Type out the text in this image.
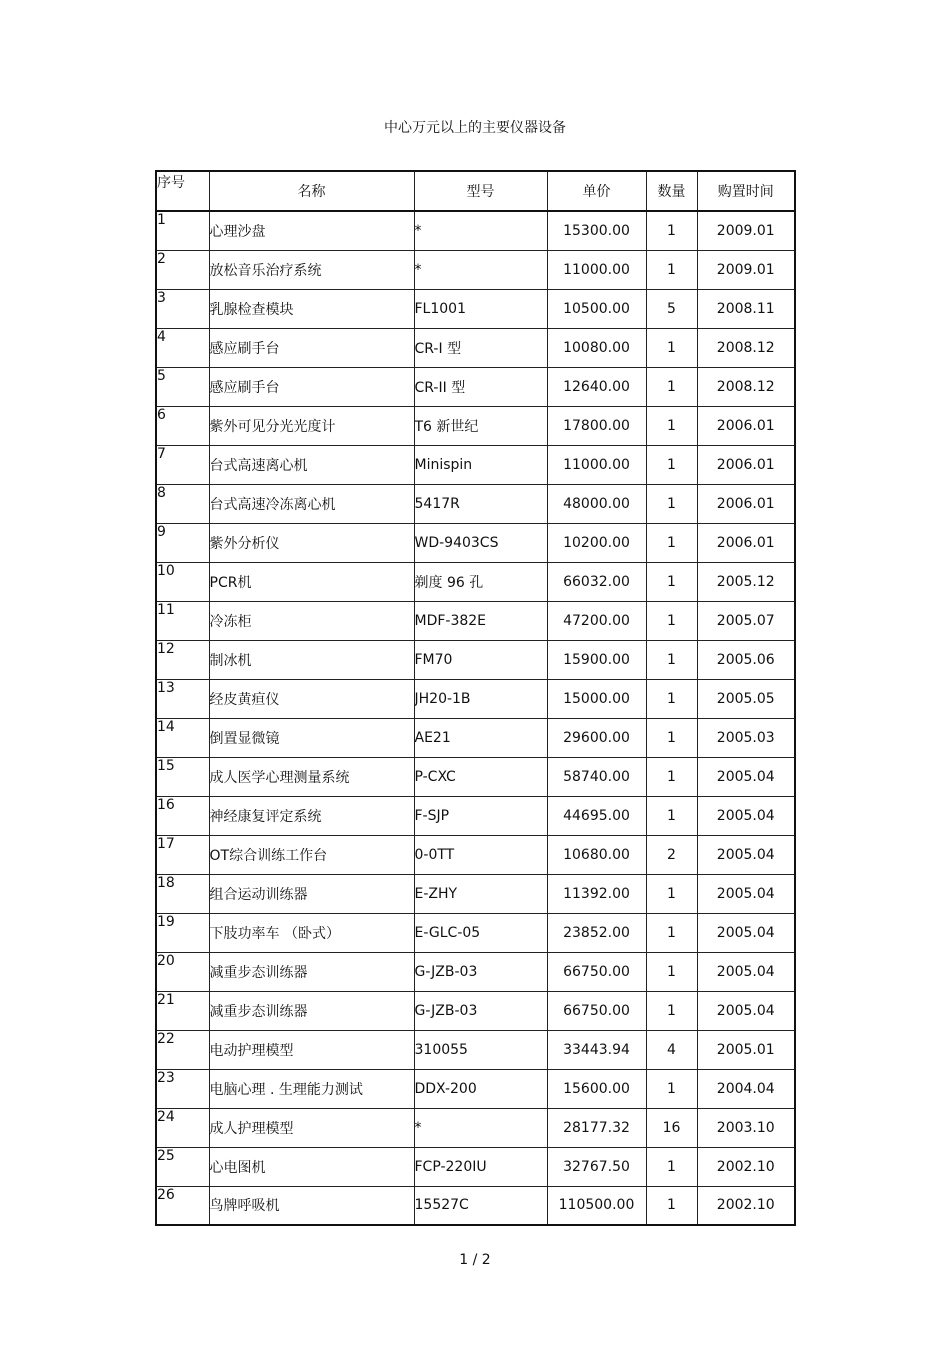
中心万元以上的主要仪器设备
序号	名称	型号	单价	数量	购置时间
1	心理沙盘	*	15300.00	1	2009.01
2	放松音乐治疗系统	*	11000.00	1	2009.01
3	乳腺检查模块	FL1001	10500.00	5	2008.11
4	感应刷手台	CR-I 型	10080.00	1	2008.12
5	感应刷手台	CR-II 型	12640.00	1	2008.12
6	紫外可见分光光度计	T6 新世纪	17800.00	1	2006.01
7	台式高速离心机	Minispin	11000.00	1	2006.01
8	台式高速冷冻离心机	5417R	48000.00	1	2006.01
9	紫外分析仪	WD-9403CS	10200.00	1	2006.01
10	PCR机	剃度 96 孔	66032.00	1	2005.12
11	冷冻柜	MDF-382E	47200.00	1	2005.07
12	制冰机	FM70	15900.00	1	2005.06
13	经皮黄疸仪	JH20-1B	15000.00	1	2005.05
14	倒置显微镜	AE21	29600.00	1	2005.03
15	成人医学心理测量系统	P-CXC	58740.00	1	2005.04
16	神经康复评定系统	F-SJP	44695.00	1	2005.04
17	OT综合训练工作台	0-0TT	10680.00	2	2005.04
18	组合运动训练器	E-ZHY	11392.00	1	2005.04
19	下肢功率车 （卧式）	E-GLC-05	23852.00	1	2005.04
20	减重步态训练器	G-JZB-03	66750.00	1	2005.04
21	减重步态训练器	G-JZB-03	66750.00	1	2005.04
22	电动护理模型	310055	33443.94	4	2005.01
23	电脑心理 . 生理能力测试	DDX-200	15600.00	1	2004.04
24	成人护理模型	*	28177.32	16	2003.10
25	心电图机	FCP-220IU	32767.50	1	2002.10
26	鸟牌呼吸机	15527C	110500.00	1	2002.10
1 / 2
